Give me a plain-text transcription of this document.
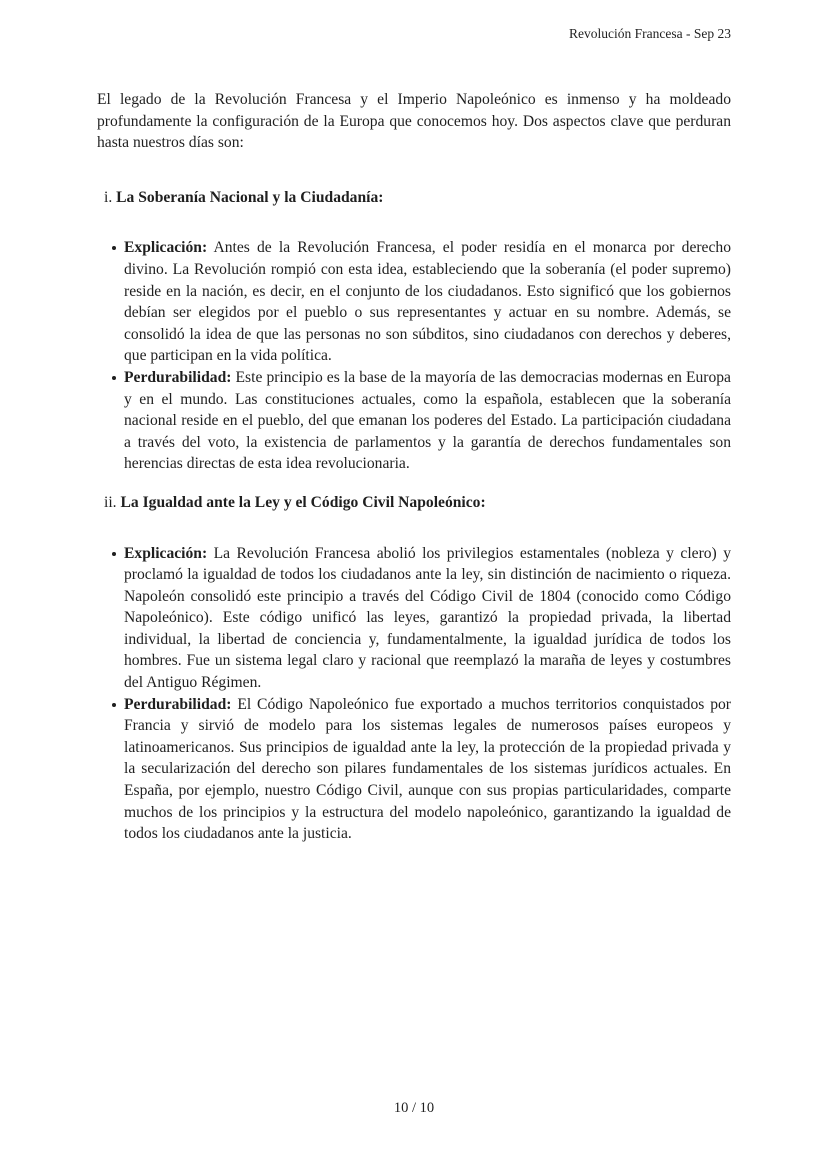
Revolución Francesa - Sep 23

El legado de la Revolución Francesa y el Imperio Napoleónico es inmenso y ha moldeado profundamente la configuración de la Europa que conocemos hoy. Dos aspectos clave que perduran hasta nuestros días son:

i. La Soberanía Nacional y la Ciudadanía:
Explicación: Antes de la Revolución Francesa, el poder residía en el monarca por derecho divino. La Revolución rompió con esta idea, estableciendo que la soberanía (el poder supremo) reside en la nación, es decir, en el conjunto de los ciudadanos. Esto significó que los gobiernos debían ser elegidos por el pueblo o sus representantes y actuar en su nombre. Además, se consolidó la idea de que las personas no son súbditos, sino ciudadanos con derechos y deberes, que participan en la vida política.
Perdurabilidad: Este principio es la base de la mayoría de las democracias modernas en Europa y en el mundo. Las constituciones actuales, como la española, establecen que la soberanía nacional reside en el pueblo, del que emanan los poderes del Estado. La participación ciudadana a través del voto, la existencia de parlamentos y la garantía de derechos fundamentales son herencias directas de esta idea revolucionaria.
ii. La Igualdad ante la Ley y el Código Civil Napoleónico:
Explicación: La Revolución Francesa abolió los privilegios estamentales (nobleza y clero) y proclamó la igualdad de todos los ciudadanos ante la ley, sin distinción de nacimiento o riqueza. Napoleón consolidó este principio a través del Código Civil de 1804 (conocido como Código Napoleónico). Este código unificó las leyes, garantizó la propiedad privada, la libertad individual, la libertad de conciencia y, fundamentalmente, la igualdad jurídica de todos los hombres. Fue un sistema legal claro y racional que reemplazó la maraña de leyes y costumbres del Antiguo Régimen.
Perdurabilidad: El Código Napoleónico fue exportado a muchos territorios conquistados por Francia y sirvió de modelo para los sistemas legales de numerosos países europeos y latinoamericanos. Sus principios de igualdad ante la ley, la protección de la propiedad privada y la secularización del derecho son pilares fundamentales de los sistemas jurídicos actuales. En España, por ejemplo, nuestro Código Civil, aunque con sus propias particularidades, comparte muchos de los principios y la estructura del modelo napoleónico, garantizando la igualdad de todos los ciudadanos ante la justicia.
10 / 10
